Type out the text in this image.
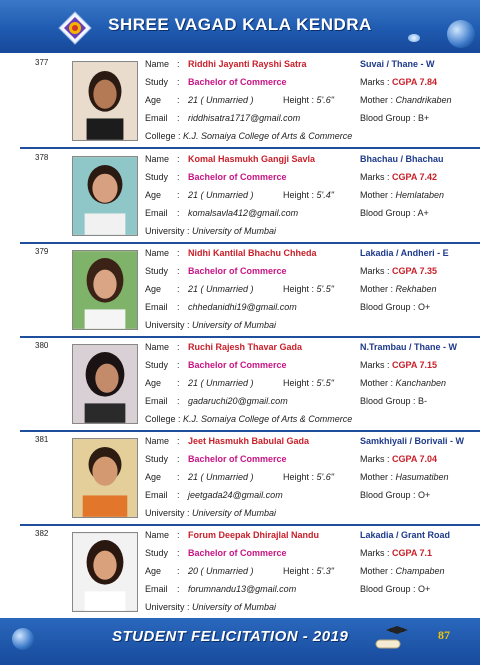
SHREE VAGAD KALA KENDRA
377	Name : Riddhi Jayanti Rayshi Satra	Suvai / Thane - W
Study : Bachelor of Commerce	Marks : CGPA 7.84
Age : 21 ( Unmarried )	Height : 5'.6"	Mother : Chandrikaben
Email : riddhisatra1717@gmail.com	Blood Group : B+
College : K.J. Somaiya College of Arts & Commerce
378	Name : Komal Hasmukh Gangji Savla	Bhachau / Bhachau
Study : Bachelor of Commerce	Marks : CGPA 7.42
Age : 21 ( Unmarried )	Height : 5'.4"	Mother : Hemlataben
Email : komalsavla412@gmail.com	Blood Group : A+
University : University of Mumbai
379	Name : Nidhi Kantilal Bhachu Chheda	Lakadia / Andheri - E
Study : Bachelor of Commerce	Marks : CGPA 7.35
Age : 21 ( Unmarried )	Height : 5'.5"	Mother : Rekhaben
Email : chhedanidhi19@gmail.com	Blood Group : O+
University : University of Mumbai
380	Name : Ruchi Rajesh Thavar Gada	N.Trambau / Thane - W
Study : Bachelor of Commerce	Marks : CGPA 7.15
Age : 21 ( Unmarried )	Height : 5'.5"	Mother : Kanchanben
Email : gadaruchi20@gmail.com	Blood Group : B-
College : K.J. Somaiya College of Arts & Commerce
381	Name : Jeet Hasmukh Babulal Gada	Samkhiyali / Borivali - W
Study : Bachelor of Commerce	Marks : CGPA 7.04
Age : 21 ( Unmarried )	Height : 5'.6"	Mother : Hasumatiben
Email : jeetgada24@gmail.com	Blood Group : O+
University : University of Mumbai
382	Name : Forum Deepak Dhirajlal Nandu	Lakadia / Grant Road
Study : Bachelor of Commerce	Marks : CGPA 7.1
Age : 20 ( Unmarried )	Height : 5'.3"	Mother : Champaben
Email : forumnandu13@gmail.com	Blood Group : O+
University : University of Mumbai
STUDENT FELICITATION - 2019	87
